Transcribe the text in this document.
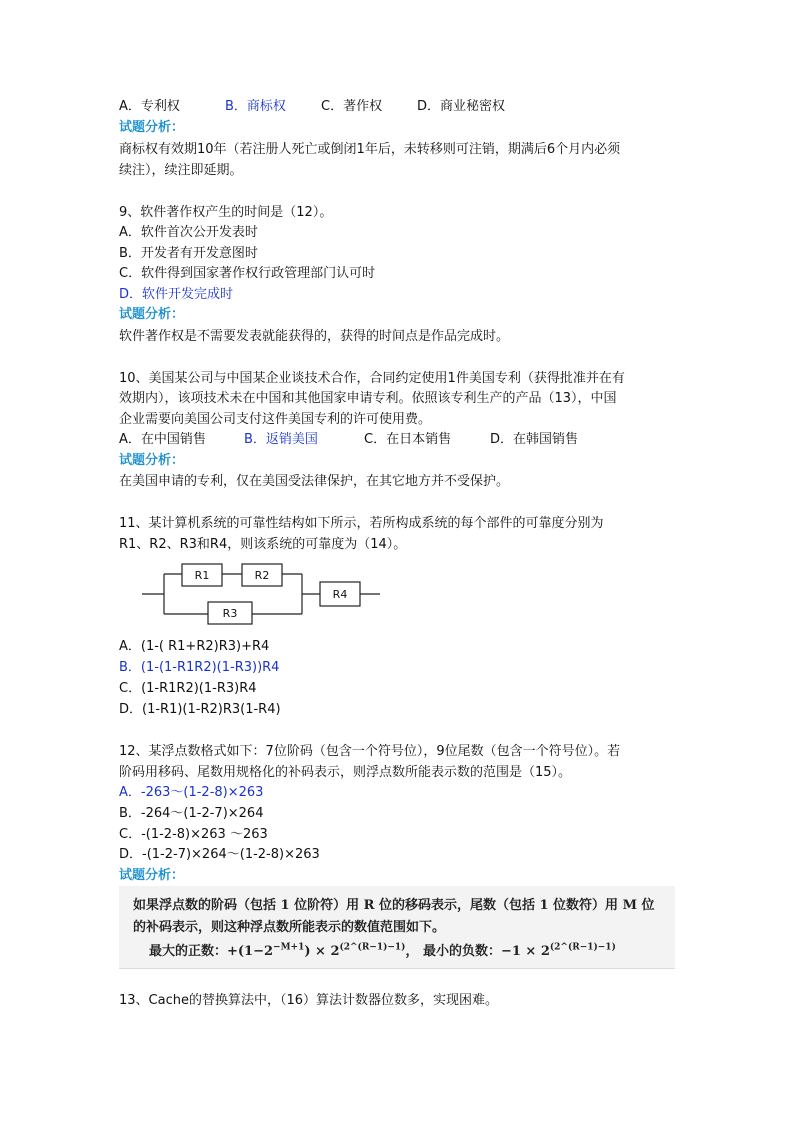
A．专利权	B．商标权	C．著作权	D．商业秘密权
试题分析：
商标权有效期10年（若注册人死亡或倒闭1年后，未转移则可注销，期满后6个月内必须
续注），续注即延期。
9、软件著作权产生的时间是（12）。
A．软件首次公开发表时
B．开发者有开发意图时
C．软件得到国家著作权行政管理部门认可时
D．软件开发完成时
试题分析：
软件著作权是不需要发表就能获得的，获得的时间点是作品完成时。
10、美国某公司与中国某企业谈技术合作，合同约定使用1件美国专利（获得批准并在有
效期内），该项技术未在中国和其他国家申请专利。依照该专利生产的产品（13），中国
企业需要向美国公司支付这件美国专利的许可使用费。
A．在中国销售	B．返销美国	C．在日本销售	D．在韩国销售
试题分析：
在美国申请的专利，仅在美国受法律保护，在其它地方并不受保护。
11、某计算机系统的可靠性结构如下所示，若所构成系统的每个部件的可靠度分别为
R1、R2、R3和R4，则该系统的可靠度为（14）。
R1	R2
R3
R4
A．(1-( R1+R2)R3)+R4
B．(1-(1-R1R2)(1-R3))R4
C．(1-R1R2)(1-R3)R4
D．(1-R1)(1-R2)R3(1-R4)
12、某浮点数格式如下：7位阶码（包含一个符号位），9位尾数（包含一个符号位）。若
阶码用移码、尾数用规格化的补码表示，则浮点数所能表示数的范围是（15）。
A．-263～(1-2-8)×263
B．-264～(1-2-7)×264
C．-(1-2-8)×263 ～263
D．-(1-2-7)×264～(1-2-8)×263
试题分析：
如果浮点数的阶码（包括 1 位阶符）用 R 位的移码表示，尾数（包括 1 位数符）用 M 位
的补码表示，则这种浮点数所能表示的数值范围如下。
最大的正数：$+(1-2^{-M+1}) \times 2^{(2\^{}(R-1)-1)}$， 最小的负数：$-1 \times 2^{(2\^{}(R-1)-1)}$
13、Cache的替换算法中，（16）算法计数器位数多，实现困难。
